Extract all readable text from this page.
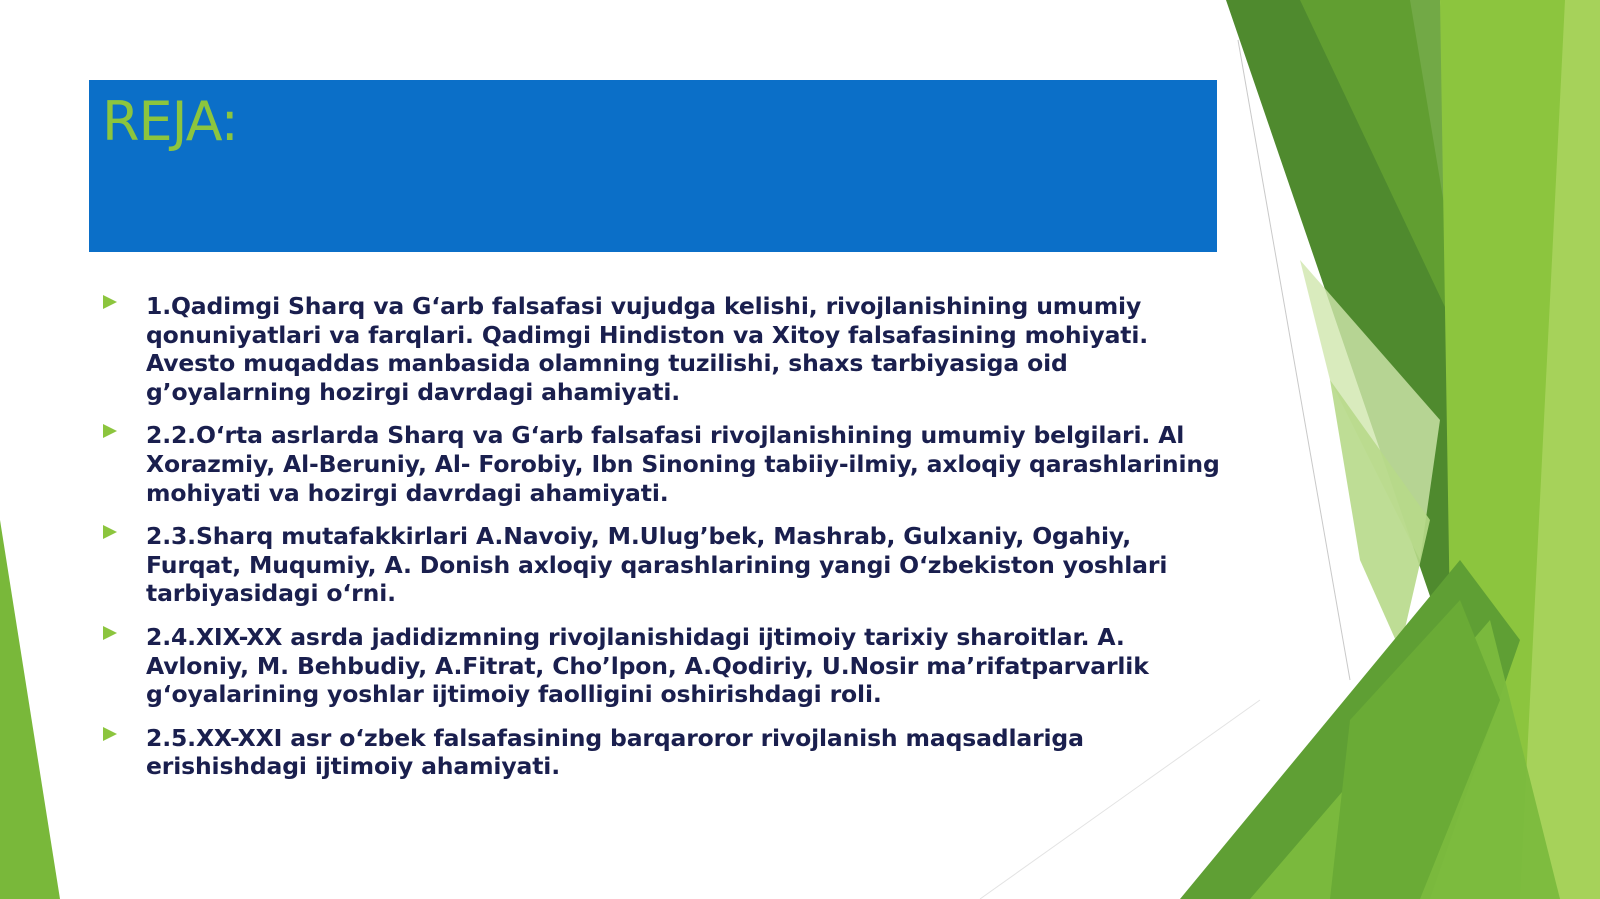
REJA:
1.Qadimgi Sharq va G‘arb falsafasi vujudga kelishi, rivojlanishining umumiy qonuniyatlari va farqlari. Qadimgi Hindiston va Xitoy falsafasining mohiyati. Avesto muqaddas manbasida olamning tuzilishi, shaxs tarbiyasiga oid g’oyalarning hozirgi davrdagi ahamiyati.
2.2.O‘rta asrlarda Sharq va G‘arb falsafasi rivojlanishining umumiy belgilari. Al Xorazmiy, Al-Beruniy, Al- Forobiy, Ibn Sinoning tabiiy-ilmiy, axloqiy qarashlarining mohiyati va hozirgi davrdagi ahamiyati.
2.3.Sharq mutafakkirlari A.Navoiy, M.Ulug’bek, Mashrab, Gulxaniy, Ogahiy, Furqat, Muqumiy, A. Donish axloqiy qarashlarining yangi O‘zbekiston yoshlari tarbiyasidagi o‘rni.
2.4.XIX-XX asrda jadidizmning rivojlanishidagi ijtimoiy tarixiy sharoitlar. A. Avloniy, M. Behbudiy, A.Fitrat, Cho’lpon, A.Qodiriy, U.Nosir ma’rifatparvarlik g‘oyalarining yoshlar ijtimoiy faolligini oshirishdagi roli.
2.5.XX-XXI asr o‘zbek falsafasining barqaroror rivojlanish maqsadlariga erishishdagi ijtimoiy ahamiyati.
